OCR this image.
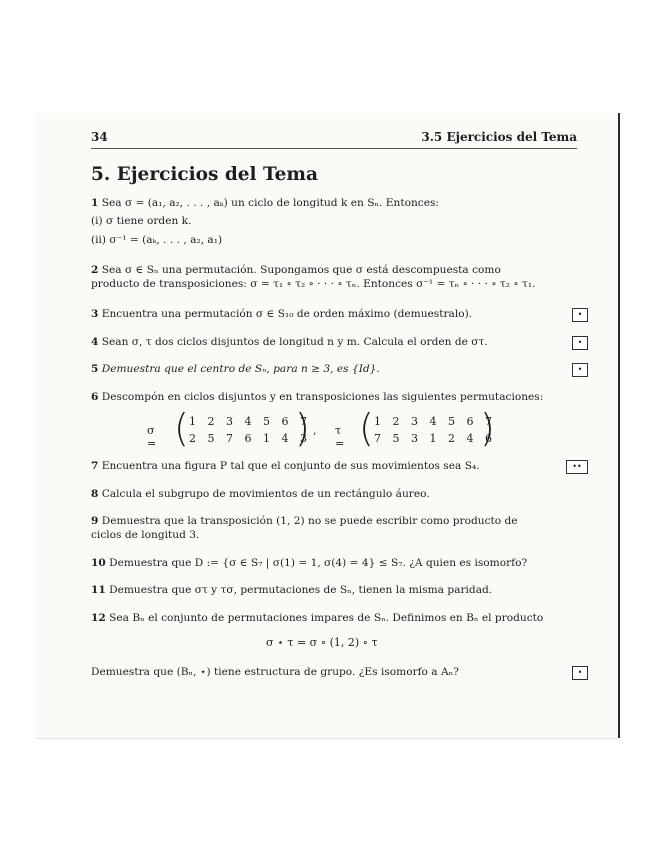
34	3.5 Ejercicios del Tema
5. Ejercicios del Tema
1 Sea σ = (a₁, a₂, . . . , aₖ) un ciclo de longitud k en Sₙ. Entonces:
(i) σ tiene orden k.
(ii) σ⁻¹ = (aₖ, . . . , a₂, a₁)
2 Sea σ ∈ Sₙ una permutación. Supongamos que σ está descompuesta como producto de transposiciones: σ = τ₁ ∘ τ₂ ∘ · · · ∘ τₙ. Entonces σ⁻¹ = τₙ ∘ · · · ∘ τ₂ ∘ τ₁.
3 Encuentra una permutación σ ∈ S₁₀ de orden máximo (demuestralo).	•
4 Sean σ, τ dos ciclos disjuntos de longitud n y m. Calcula el orden de στ.	•
5 Demuestra que el centro de Sₙ, para n ≥ 3, es {Id}.	•
6 Descompón en ciclos disjuntos y en transposiciones las siguientes permutaciones:
σ = ( 1 2 3 4 5 6 7
2 5 7 6 1 4 3
) , τ = ( 1 2 3 4 5 6 7
7 5 3 1 2 4 6
)
7 Encuentra una figura P tal que el conjunto de sus movimientos sea S₄.	••
8 Calcula el subgrupo de movimientos de un rectángulo áureo.
9 Demuestra que la transposición (1, 2) no se puede escribir como producto de ciclos de longitud 3.
10 Demuestra que D := {σ ∈ S₇ | σ(1) = 1, σ(4) = 4} ≤ S₇. ¿A quien es isomorfo?
11 Demuestra que στ y τσ, permutaciones de Sₙ, tienen la misma paridad.
12 Sea Bₙ el conjunto de permutaciones impares de Sₙ. Definimos en Bₙ el producto
σ ⋆ τ = σ ∘ (1, 2) ∘ τ
Demuestra que (Bₙ, ⋆) tiene estructura de grupo. ¿Es isomorfo a Aₙ?	•
